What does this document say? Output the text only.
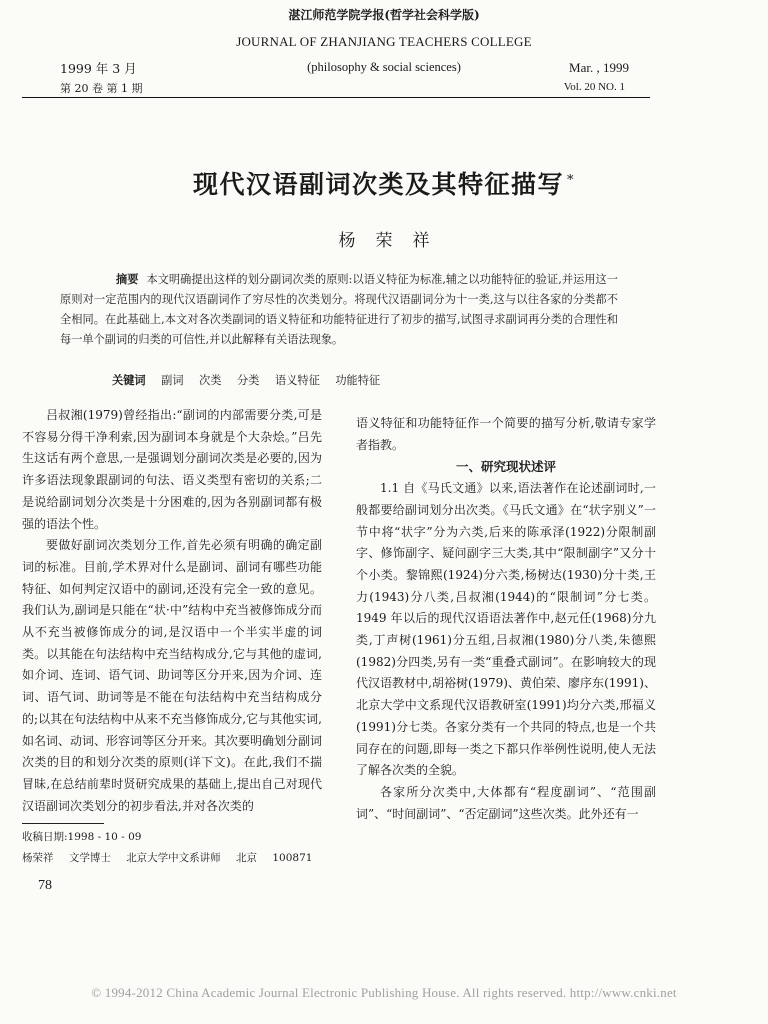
湛江师范学院学报(哲学社会科学版)
JOURNAL OF ZHANJIANG TEACHERS COLLEGE
(philosophy & social sciences)
1999 年 3 月
第 20 卷 第 1 期
Mar. , 1999
Vol. 20 NO. 1
现代汉语副词次类及其特征描写 *
杨荣祥
摘要 本文明确提出这样的划分副词次类的原则:以语义特征为标准,辅之以功能特征的验证,并运用这一原则对一定范围内的现代汉语副词作了穷尽性的次类划分。将现代汉语副词分为十一类,这与以往各家的分类都不全相同。在此基础上,本文对各次类副词的语义特征和功能特征进行了初步的描写,试图寻求副词再分类的合理性和每一单个副词的归类的可信性,并以此解释有关语法现象。
关键词 副词 次类 分类 语义特征 功能特征

吕叔湘(1979)曾经指出:“副词的内部需要分类,可是不容易分得干净利索,因为副词本身就是个大杂烩。”吕先生这话有两个意思,一是强调划分副词次类是必要的,因为许多语法现象跟副词的句法、语义类型有密切的关系;二是说给副词划分次类是十分困难的,因为各别副词都有极强的语法个性。

要做好副词次类划分工作,首先必须有明确的确定副词的标准。目前,学术界对什么是副词、副词有哪些功能特征、如何判定汉语中的副词,还没有完全一致的意见。我们认为,副词是只能在“状·中”结构中充当被修饰成分而从不充当被修饰成分的词,是汉语中一个半实半虚的词类。以其能在句法结构中充当结构成分,它与其他的虚词,如介词、连词、语气词、助词等区分开来,因为介词、连词、语气词、助词等是不能在句法结构中充当结构成分的;以其在句法结构中从来不充当修饰成分,它与其他实词,如名词、动词、形容词等区分开来。其次要明确划分副词次类的目的和划分次类的原则(详下文)。在此,我们不揣冒昧,在总结前辈时贤研究成果的基础上,提出自己对现代汉语副词次类划分的初步看法,并对各次类的

语义特征和功能特征作一个简要的描写分析,敬请专家学者指教。

一、研究现状述评

1.1 自《马氏文通》以来,语法著作在论述副词时,一般都要给副词划分出次类。《马氏文通》在“状字别义”一节中将“状字”分为六类,后来的陈承泽(1922)分限制副字、修饰副字、疑问副字三大类,其中“限制副字”又分十个小类。黎锦熙(1924)分六类,杨树达(1930)分十类,王力(1943)分八类,吕叔湘(1944)的“限制词”分七类。1949 年以后的现代汉语语法著作中,赵元任(1968)分九类,丁声树(1961)分五组,吕叔湘(1980)分八类,朱德熙(1982)分四类,另有一类“重叠式副词”。在影响较大的现代汉语教材中,胡裕树(1979)、黄伯荣、廖序东(1991)、北京大学中文系现代汉语教研室(1991)均分六类,邢福义(1991)分七类。各家分类有一个共同的特点,也是一个共同存在的问题,即每一类之下都只作举例性说明,使人无法了解各次类的全貌。

各家所分次类中,大体都有“程度副词”、“范围副词”、“时间副词”、“否定副词”这些次类。此外还有一

收稿日期:1998 - 10 - 09
杨荣祥 文学博士 北京大学中文系讲师 北京 100871
78
© 1994-2012 China Academic Journal Electronic Publishing House. All rights reserved. http://www.cnki.net
